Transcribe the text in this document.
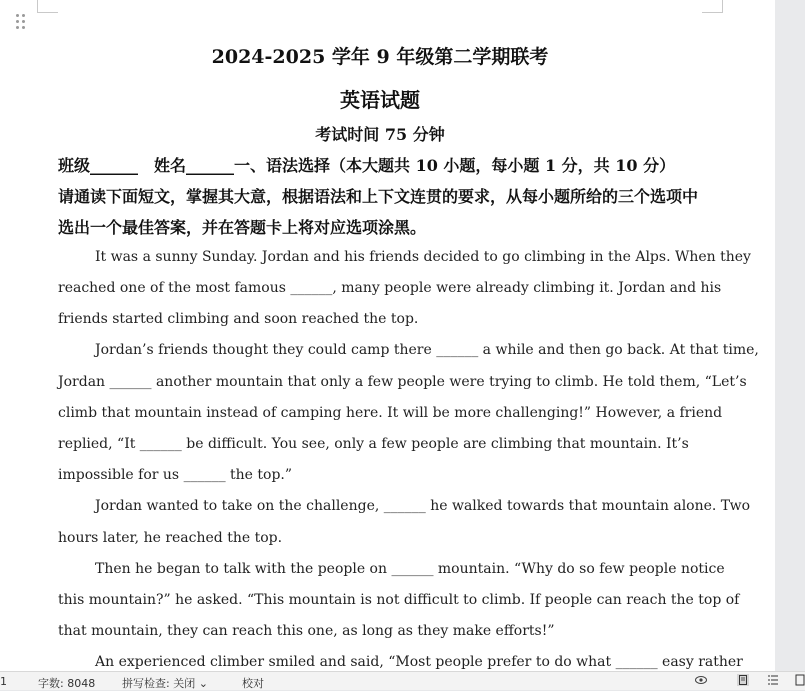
2024-2025 学年 9 年级第二学期联考
英语试题
考试时间 75 分钟
班级______　姓名______一、语法选择（本大题共 10 小题，每小题 1 分，共 10 分）
请通读下面短文，掌握其大意，根据语法和上下文连贯的要求，从每小题所给的三个选项中
选出一个最佳答案，并在答题卡上将对应选项涂黑。
It was a sunny Sunday. Jordan and his friends decided to go climbing in the Alps. When they
reached one of the most famous ______, many people were already climbing it. Jordan and his
friends started climbing and soon reached the top.
Jordan’s friends thought they could camp there ______ a while and then go back. At that time,
Jordan ______ another mountain that only a few people were trying to climb. He told them, “Let’s
climb that mountain instead of camping here. It will be more challenging!” However, a friend
replied, “It ______ be difficult. You see, only a few people are climbing that mountain. It’s
impossible for us ______ the top.”
Jordan wanted to take on the challenge, ______ he walked towards that mountain alone. Two
hours later, he reached the top.
Then he began to talk with the people on ______ mountain. “Why do so few people notice
this mountain?” he asked. “This mountain is not difficult to climb. If people can reach the top of
that mountain, they can reach this one, as long as they make efforts!”
An experienced climber smiled and said, “Most people prefer to do what ______ easy rather
1	字数: 8048 拼写检查: 关闭 ⌄	校对
